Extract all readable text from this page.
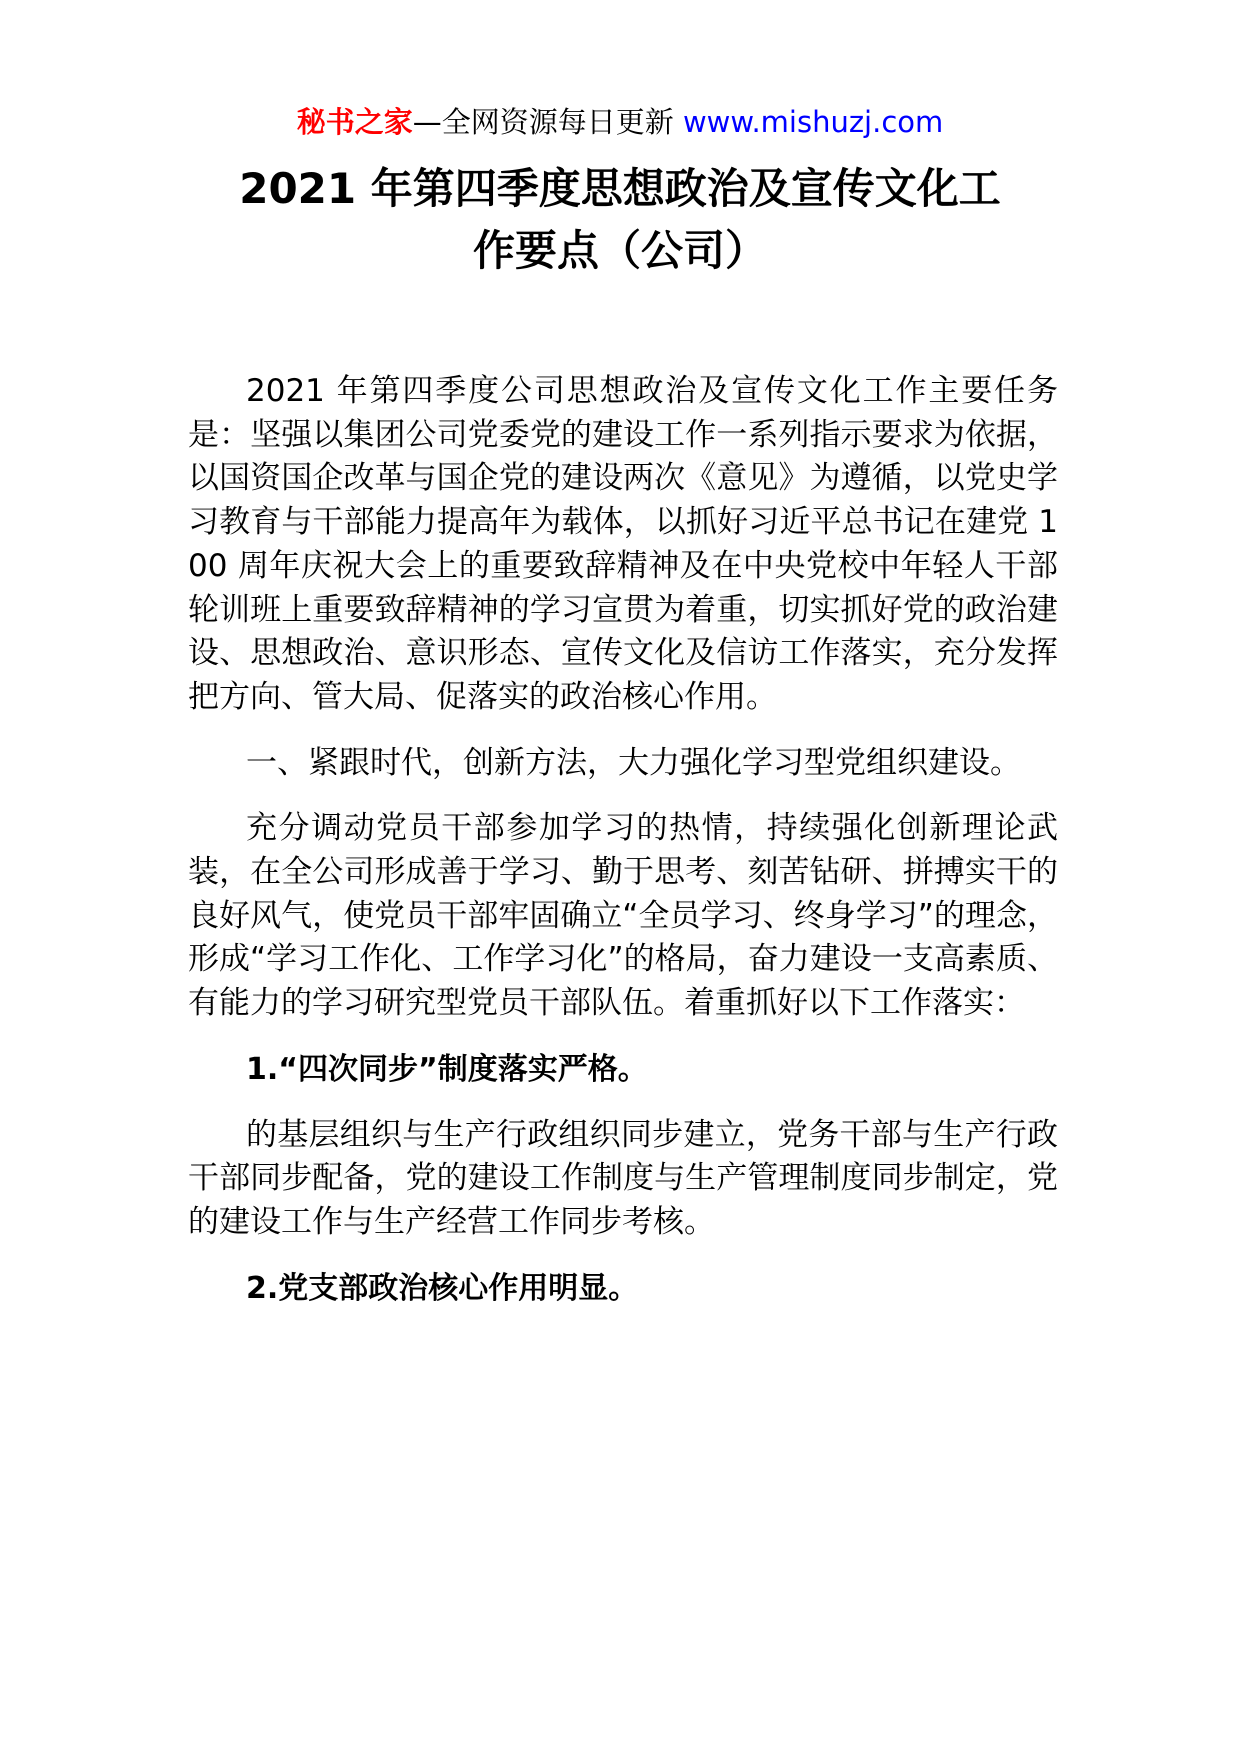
秘书之家—全网资源每日更新 www.mishuzj.com
2021 年第四季度思想政治及宣传文化工
作要点（公司）

2021 年第四季度公司思想政治及宣传文化工作主要任务是：坚强以集团公司党委党的建设工作一系列指示要求为依据，以国资国企改革与国企党的建设两次《意见》为遵循，以党史学习教育与干部能力提高年为载体，以抓好习近平总书记在建党 100 周年庆祝大会上的重要致辞精神及在中央党校中年轻人干部轮训班上重要致辞精神的学习宣贯为着重，切实抓好党的政治建设、思想政治、意识形态、宣传文化及信访工作落实，充分发挥把方向、管大局、促落实的政治核心作用。

一、紧跟时代，创新方法，大力强化学习型党组织建设。

充分调动党员干部参加学习的热情，持续强化创新理论武装，在全公司形成善于学习、勤于思考、刻苦钻研、拼搏实干的良好风气，使党员干部牢固确立“全员学习、终身学习”的理念，形成“学习工作化、工作学习化”的格局，奋力建设一支高素质、有能力的学习研究型党员干部队伍。着重抓好以下工作落实：

1.“四次同步”制度落实严格。

的基层组织与生产行政组织同步建立，党务干部与生产行政干部同步配备，党的建设工作制度与生产管理制度同步制定，党的建设工作与生产经营工作同步考核。

2.党支部政治核心作用明显。
